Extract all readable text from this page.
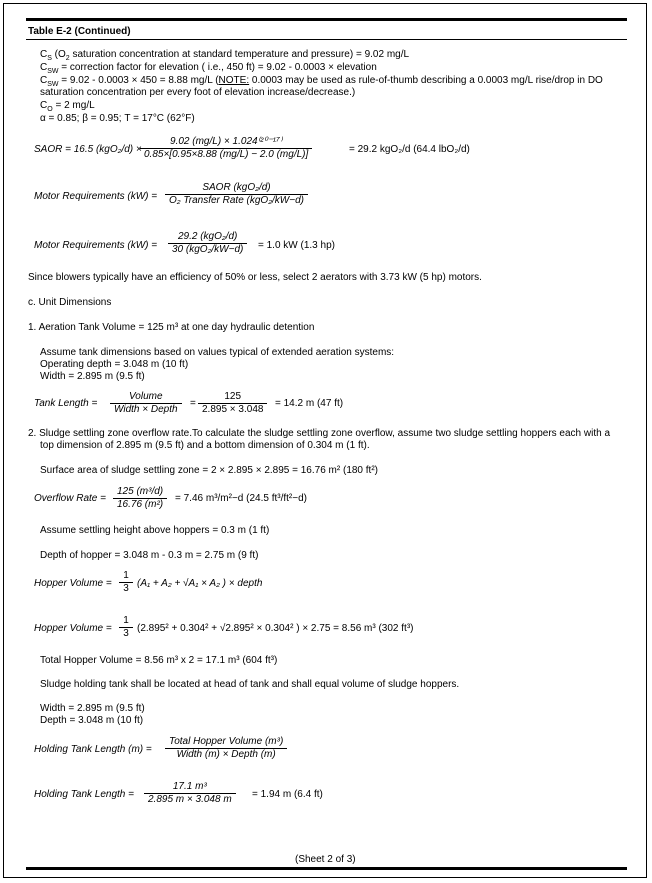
Table E-2 (Continued)
$C_S$ ($O_2$ saturation concentration at standard temperature and pressure) = 9.02 mg/L
$C_{SW}$ = correction factor for elevation ( i.e., 450 ft) = 9.02 - 0.0003 × elevation
$C_{SW} = 9.02 - 0.0003 \times 450 = 8.88$ mg/L (NOTE: 0.0003 may be used as rule-of-thumb describing a 0.0003 mg/L rise/drop in DO
saturation concentration per every foot of elevation increase/decrease.)
$C_O = 2$ mg/L
α = 0.85; β = 0.95; T = 17°C (62°F)
SAOR = 16.5 (kgO₂/d) ×
$\frac{\text{9.02 (mg/L) × 1.024⁽²⁰⁻¹⁷⁾}}{0.85\times[0.95\times 8.88 (mg/L) - 2.0 (mg/L)]}$	= 29.2 kgO₂/d (64.4 lbO₂/d)
Motor Requirements (kW) =
SAOR (kgO₂/d)
O₂ Transfer Rate (kgO₂/kW−d)
Motor Requirements (kW) =
29.2 (kgO₂/d)
30 (kgO₂/kW−d)	= 1.0 kW (1.3 hp)
Since blowers typically have an efficiency of 50% or less, select 2 aerators with 3.73 kW (5 hp) motors.
c. Unit Dimensions
1. Aeration Tank Volume = 125 m³ at one day hydraulic detention
Assume tank dimensions based on values typical of extended aeration systems:
Operating depth = 3.048 m (10 ft)
Width = 2.895 m (9.5 ft)
Tank Length =
Volume
Width × Depth
= $\frac{125}{2.895 \times 3.048} = 14.2$ m (47 ft)
2. Sludge settling zone overflow rate.To calculate the sludge settling zone overflow, assume two sludge settling hoppers each with a
top dimension of 2.895 m (9.5 ft) and a bottom dimension of 0.304 m (1 ft).
Surface area of sludge settling zone = 2 × 2.895 × 2.895 = 16.76 m² (180 ft²)
Overflow Rate = $\frac{\text{125 (m³/d)}}{\text{16.76 (m²)}} = 7.46$ m³/m²−d (24.5 ft³/ft²−d)
Assume settling height above hoppers = 0.3 m (1 ft)
Depth of hopper = 3.048 m - 0.3 m = 2.75 m (9 ft)
Hopper Volume = $\frac{1}{3} (A_1 + A_2 + √A_1 \times A_2$ ) × depth
Hopper Volume = $\frac{1}{3} (2.895^2 + 0.304^2 + √2.895^2 \times 0.304^2$ ) × 2.75 = 8.56 m³ (302 ft³)
Total Hopper Volume = 8.56 m³ x 2 = 17.1 m³ (604 ft³)
Sludge holding tank shall be located at head of tank and shall equal volume of sludge hoppers.
Width = 2.895 m (9.5 ft)
Depth = 3.048 m (10 ft)
Holding Tank Length (m) =
Total Hopper Volume (m³)
Width (m) × Depth (m)
Holding Tank Length = $\frac{\text{17.1 m³}}{2.895 m \times 3.048 m} = 1.94$ m (6.4 ft)
(Sheet 2 of 3)
